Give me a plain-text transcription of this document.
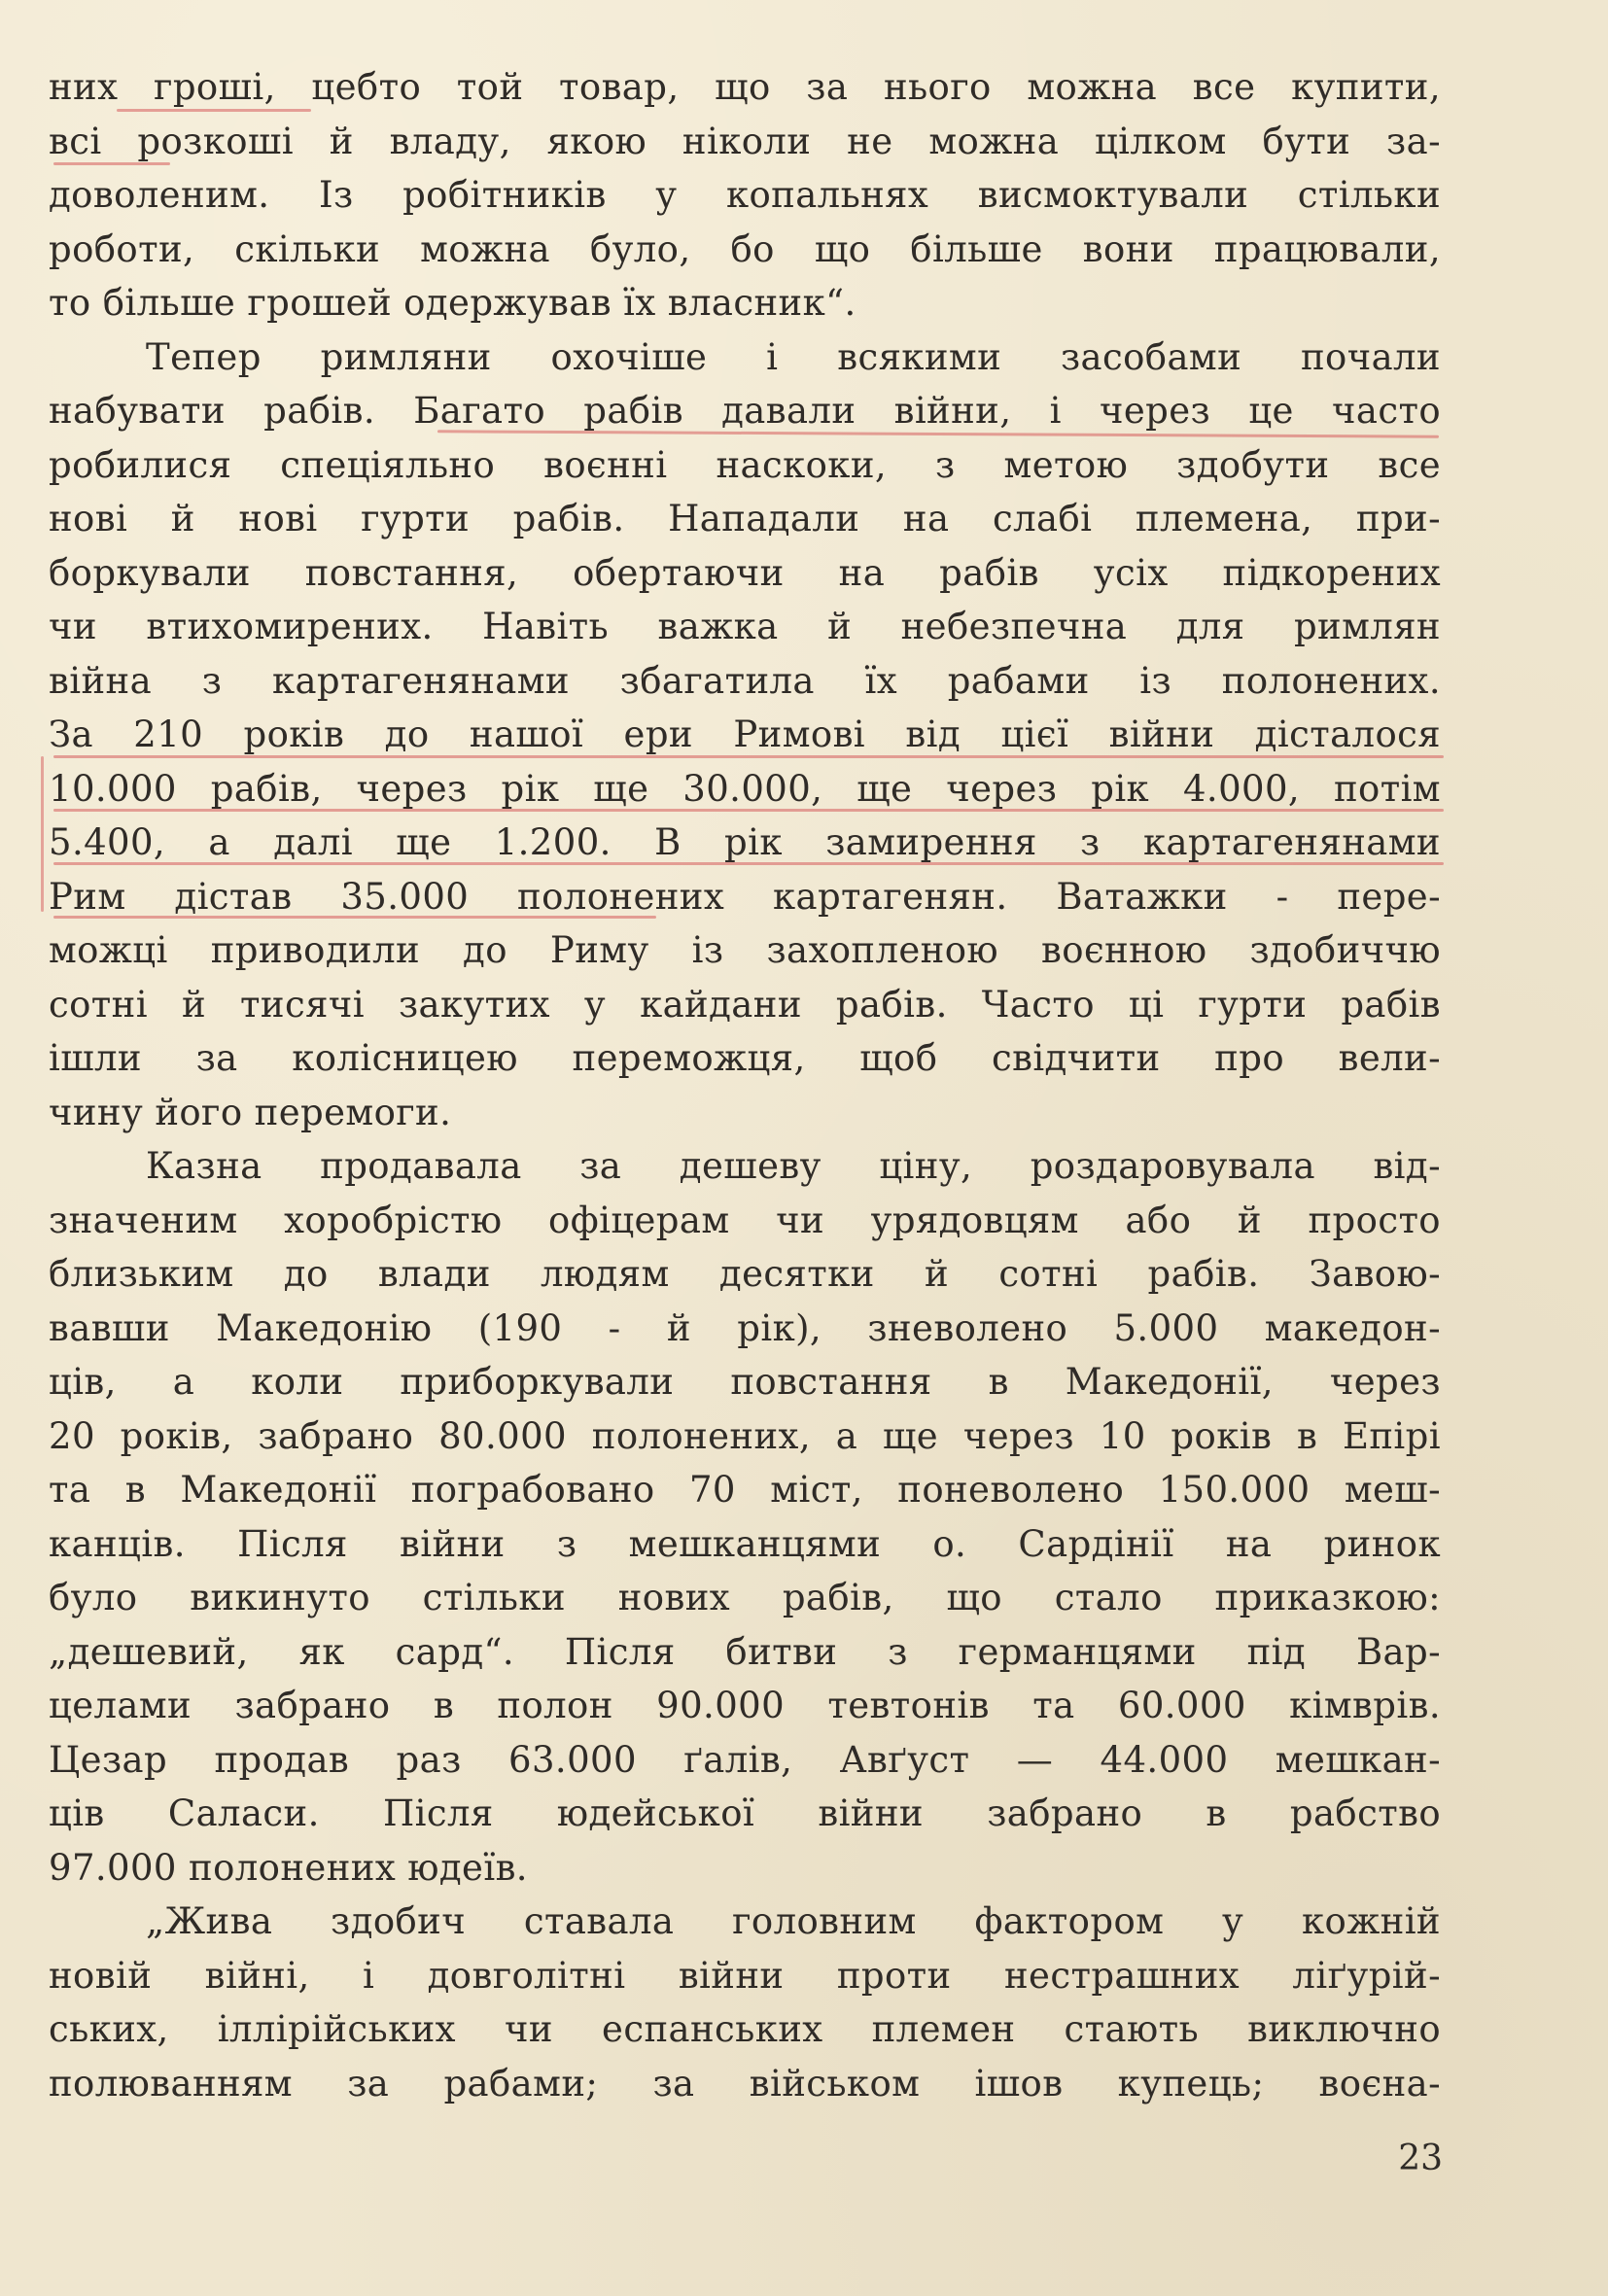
них гроші, цебто той товар, що за нього можна все купити,
всі розкоші й владу, якою ніколи не можна цілком бути за-
доволеним. Із робітників у копальнях висмоктували стільки
роботи, скільки можна було, бо що більше вони працювали,
то більше грошей одержував їх власник“.
Тепер римляни охочіше і всякими засобами почали
набувати рабів. Багато рабів давали війни, і через це часто
робилися спеціяльно воєнні наскоки, з метою здобути все
нові й нові гурти рабів. Нападали на слабі племена, при-
боркували повстання, обертаючи на рабів усіх підкорених
чи втихомирених. Навіть важка й небезпечна для римлян
війна з картагенянами збагатила їх рабами із полонених.
За 210 років до нашої ери Римові від цієї війни дісталося
10.000 рабів, через рік ще 30.000, ще через рік 4.000, потім
5.400, а далі ще 1.200. В рік замирення з картагенянами
Рим дістав 35.000 полонених картагенян. Ватажки - пере-
можці приводили до Риму із захопленою воєнною здобиччю
сотні й тисячі закутих у кайдани рабів. Часто ці гурти рабів
ішли за колісницею переможця, щоб свідчити про вели-
чину його перемоги.
Казна продавала за дешеву ціну, роздаровувала від-
значеним хоробрістю офіцерам чи урядовцям або й просто
близьким до влади людям десятки й сотні рабів. Завою-
вавши Македонію (190 - й рік), зневолено 5.000 македон-
ців, а коли приборкували повстання в Македонії, через
20 років, забрано 80.000 полонених, а ще через 10 років в Епірі
та в Македонії пограбовано 70 міст, поневолено 150.000 меш-
канців. Після війни з мешканцями о. Сардінії на ринок
було викинуто стільки нових рабів, що стало приказкою:
„дешевий, як сард“. Після битви з германцями під Вар-
целами забрано в полон 90.000 тевтонів та 60.000 кімврів.
Цезар продав раз 63.000 ґалів, Авґуст — 44.000 мешкан-
ців Саласи. Після юдейської війни забрано в рабство
97.000 полонених юдеїв.
„Жива здобич ставала головним фактором у кожній
новій війні, і довголітні війни проти нестрашних ліґурій-
ських, іллірійських чи еспанських племен стають виключно
полюванням за рабами; за військом ішов купець; воєна-
23
